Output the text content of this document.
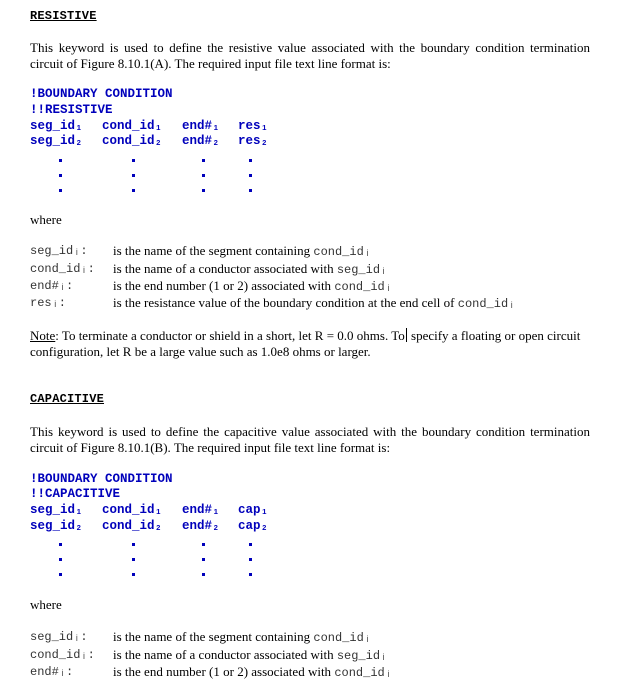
RESISTIVE
This keyword is used to define the resistive value associated with the boundary condition termination circuit of Figure 8.10.1(A). The required input file text line format is:
!BOUNDARY CONDITION
!!RESISTIVE
seg_id₁ cond_id₁ end#₁ res₁
seg_id₂ cond_id₂ end#₂ res₂
where
seg_idᵢ: is the name of the segment containing cond_idᵢ
cond_idᵢ: is the name of a conductor associated with seg_idᵢ
end#ᵢ:	is the end number (1 or 2) associated with cond_idᵢ
resᵢ:	is the resistance value of the boundary condition at the end cell of cond_idᵢ
Note: To terminate a conductor or shield in a short, let R = 0.0 ohms. To specify a floating or open circuit configuration, let R be a large value such as 1.0e8 ohms or larger.
CAPACITIVE
This keyword is used to define the capacitive value associated with the boundary condition termination circuit of Figure 8.10.1(B). The required input file text line format is:
!BOUNDARY CONDITION
!!CAPACITIVE
seg_id₁ cond_id₁ end#₁ cap₁
seg_id₂ cond_id₂ end#₂ cap₂
where
seg_idᵢ: is the name of the segment containing cond_idᵢ
cond_idᵢ: is the name of a conductor associated with seg_idᵢ
end#ᵢ:	is the end number (1 or 2) associated with cond_idᵢ
